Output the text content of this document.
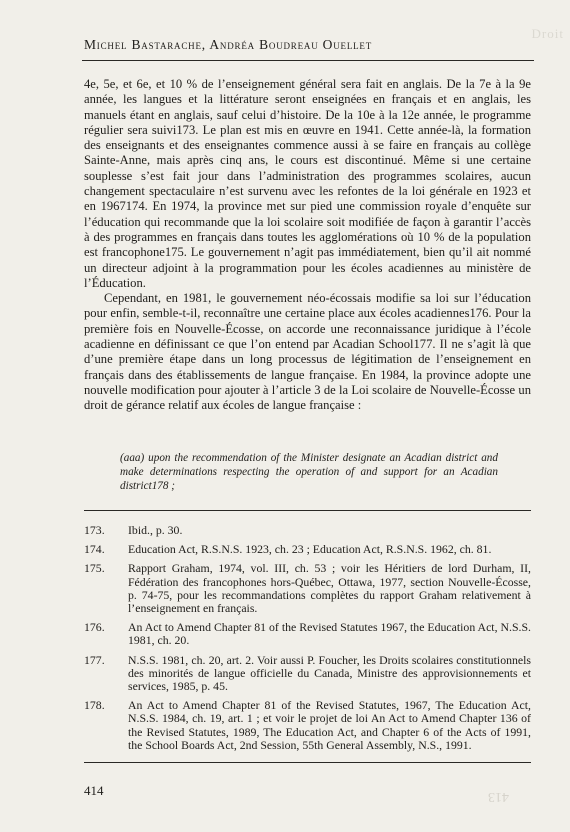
Droit
Michel Bastarache, Andréa Boudreau Ouellet

4e, 5e, et 6e, et 10 % de l’enseignement général sera fait en anglais. De la 7e à la 9e année, les langues et la littérature seront enseignées en français et en anglais, les manuels étant en anglais, sauf celui d’histoire. De la 10e à la 12e année, le programme régulier sera suivi173. Le plan est mis en œuvre en 1941. Cette année-là, la formation des enseignants et des enseignantes commence aussi à se faire en français au collège Sainte-Anne, mais après cinq ans, le cours est discontinué. Même si une certaine souplesse s’est fait jour dans l’administration des programmes scolaires, aucun changement spectaculaire n’est survenu avec les refontes de la loi générale en 1923 et en 1967174. En 1974, la province met sur pied une commission royale d’enquête sur l’éducation qui recommande que la loi scolaire soit modifiée de façon à garantir l’accès à des programmes en français dans toutes les agglomérations où 10 % de la population est francophone175. Le gouvernement n’agit pas immédiatement, bien qu’il ait nommé un directeur adjoint à la programmation pour les écoles acadiennes au ministère de l’Éducation.

Cependant, en 1981, le gouvernement néo-écossais modifie sa loi sur l’éducation pour enfin, semble-t-il, reconnaître une certaine place aux écoles acadiennes176. Pour la première fois en Nouvelle-Écosse, on accorde une reconnaissance juridique à l’école acadienne en définissant ce que l’on entend par Acadian School177. Il ne s’agit là que d’une première étape dans un long processus de légitimation de l’enseignement en français dans des établissements de langue française. En 1984, la province adopte une nouvelle modification pour ajouter à l’article 3 de la Loi scolaire de Nouvelle-Écosse un droit de gérance relatif aux écoles de langue française :

(aaa) upon the recommendation of the Minister designate an Acadian district and make determinations respecting the operation of and support for an Acadian district178 ;
173.	Ibid., p. 30.
174.	Education Act, R.S.N.S. 1923, ch. 23 ; Education Act, R.S.N.S. 1962, ch. 81.
175.	Rapport Graham, 1974, vol. III, ch. 53 ; voir les Héritiers de lord Durham, II, Fédération des francophones hors-Québec, Ottawa, 1977, section Nouvelle-Écosse, p. 74-75, pour les recommandations complètes du rapport Graham relativement à l’enseignement en français.
176.	An Act to Amend Chapter 81 of the Revised Statutes 1967, the Education Act, N.S.S. 1981, ch. 20.
177.	N.S.S. 1981, ch. 20, art. 2. Voir aussi P. Foucher, les Droits scolaires constitutionnels des minorités de langue officielle du Canada, Ministre des approvisionnements et services, 1985, p. 45.
178.	An Act to Amend Chapter 81 of the Revised Statutes, 1967, The Education Act, N.S.S. 1984, ch. 19, art. 1 ; et voir le projet de loi An Act to Amend Chapter 136 of the Revised Statutes, 1989, The Education Act, and Chapter 6 of the Acts of 1991, the School Boards Act, 2nd Session, 55th General Assembly, N.S., 1991.
414	413
